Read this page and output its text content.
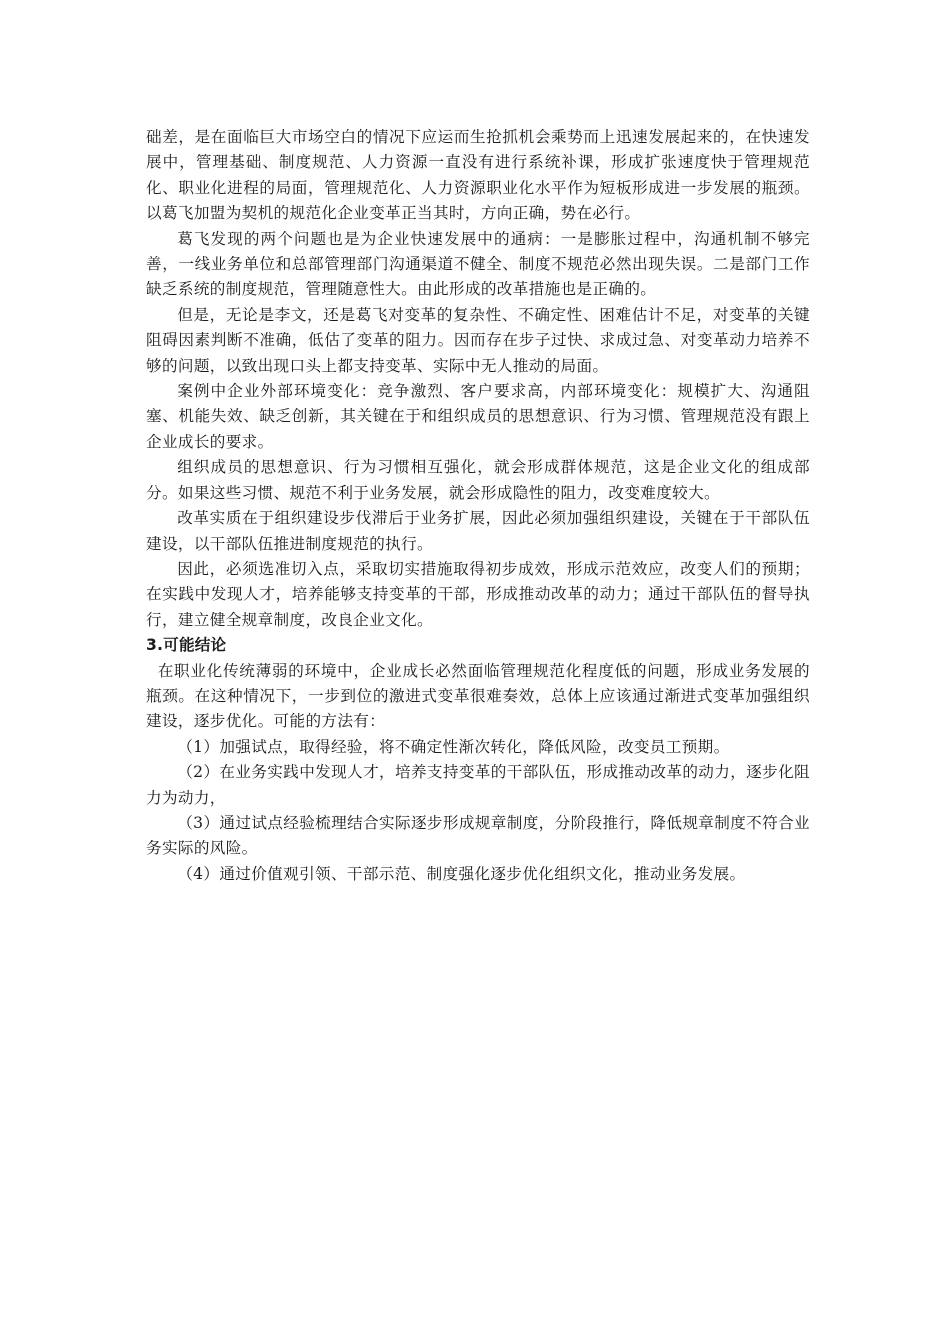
础差，是在面临巨大市场空白的情况下应运而生抢抓机会乘势而上迅速发展起来的，在快速发展中，管理基础、制度规范、人力资源一直没有进行系统补课，形成扩张速度快于管理规范化、职业化进程的局面，管理规范化、人力资源职业化水平作为短板形成进一步发展的瓶颈。以葛飞加盟为契机的规范化企业变革正当其时，方向正确，势在必行。

葛飞发现的两个问题也是为企业快速发展中的通病：一是膨胀过程中，沟通机制不够完善，一线业务单位和总部管理部门沟通渠道不健全、制度不规范必然出现失误。二是部门工作缺乏系统的制度规范，管理随意性大。由此形成的改革措施也是正确的。

但是，无论是李文，还是葛飞对变革的复杂性、不确定性、困难估计不足，对变革的关键阻碍因素判断不准确，低估了变革的阻力。因而存在步子过快、求成过急、对变革动力培养不够的问题，以致出现口头上都支持变革、实际中无人推动的局面。

案例中企业外部环境变化：竞争激烈、客户要求高，内部环境变化：规模扩大、沟通阻塞、机能失效、缺乏创新，其关键在于和组织成员的思想意识、行为习惯、管理规范没有跟上企业成长的要求。

组织成员的思想意识、行为习惯相互强化，就会形成群体规范，这是企业文化的组成部分。如果这些习惯、规范不利于业务发展，就会形成隐性的阻力，改变难度较大。

改革实质在于组织建设步伐滞后于业务扩展，因此必须加强组织建设，关键在于干部队伍建设，以干部队伍推进制度规范的执行。

因此，必须选准切入点，采取切实措施取得初步成效，形成示范效应，改变人们的预期；在实践中发现人才，培养能够支持变革的干部，形成推动改革的动力；通过干部队伍的督导执行，建立健全规章制度，改良企业文化。

3.可能结论

在职业化传统薄弱的环境中，企业成长必然面临管理规范化程度低的问题，形成业务发展的瓶颈。在这种情况下，一步到位的激进式变革很难奏效，总体上应该通过渐进式变革加强组织建设，逐步优化。可能的方法有：

（1）加强试点，取得经验，将不确定性渐次转化，降低风险，改变员工预期。

（2）在业务实践中发现人才，培养支持变革的干部队伍，形成推动改革的动力，逐步化阻力为动力，

（3）通过试点经验梳理结合实际逐步形成规章制度，分阶段推行，降低规章制度不符合业务实际的风险。

（4）通过价值观引领、干部示范、制度强化逐步优化组织文化，推动业务发展。
